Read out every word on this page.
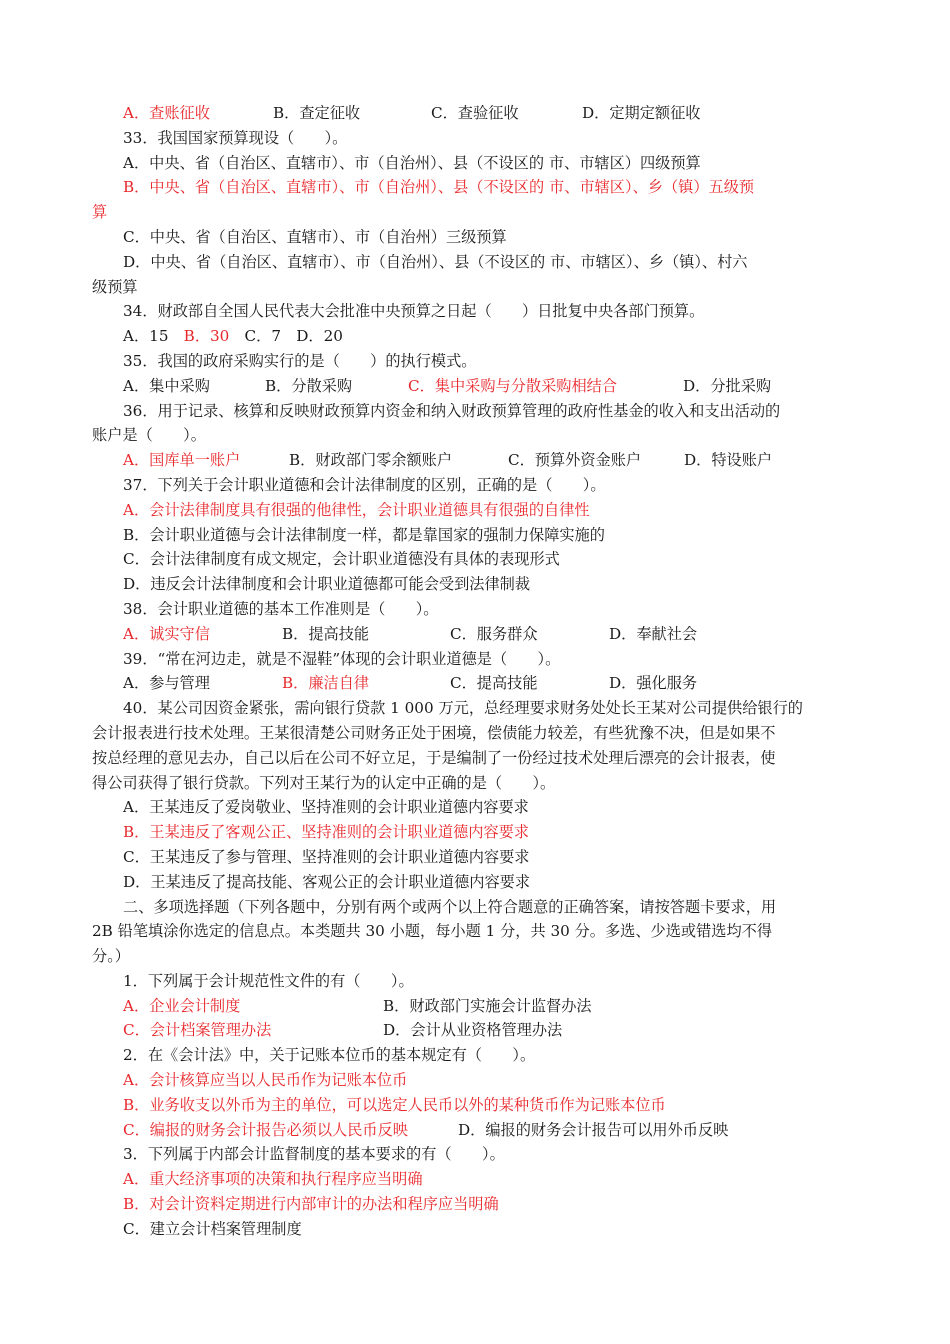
A．查账征收	B．查定征收	C．查验征收	D．定期定额征收
33．我国国家预算现设（　　）。
A．中央、省（自治区、直辖市）、市（自治州）、县（不设区的 市、市辖区）四级预算
B．中央、省（自治区、直辖市）、市（自治州）、县（不设区的 市、市辖区）、乡（镇）五级预
算
C．中央、省（自治区、直辖市）、市（自治州）三级预算
D．中央、省（自治区、直辖市）、市（自治州）、县（不设区的 市、市辖区）、乡（镇）、村六
级预算
34．财政部自全国人民代表大会批准中央预算之日起（　　）日批复中央各部门预算。
A．15　B．30　C．7　D．20
35．我国的政府采购实行的是（　　）的执行模式。
A．集中采购	B．分散采购	C．集中采购与分散采购相结合	D．分批采购
36．用于记录、核算和反映财政预算内资金和纳入财政预算管理的政府性基金的收入和支出活动的
账户是（　　）。
A．国库单一账户	B．财政部门零余额账户	C．预算外资金账户	D．特设账户
37．下列关于会计职业道德和会计法律制度的区别，正确的是（　　）。
A．会计法律制度具有很强的他律性，会计职业道德具有很强的自律性
B．会计职业道德与会计法律制度一样，都是靠国家的强制力保障实施的
C．会计法律制度有成文规定，会计职业道德没有具体的表现形式
D．违反会计法律制度和会计职业道德都可能会受到法律制裁
38．会计职业道德的基本工作准则是（　　）。
A．诚实守信	B．提高技能	C．服务群众	D．奉献社会
39．“常在河边走，就是不湿鞋”体现的会计职业道德是（　　）。
A．参与管理	B．廉洁自律	C．提高技能	D．强化服务
40．某公司因资金紧张，需向银行贷款 1 000 万元，总经理要求财务处处长王某对公司提供给银行的
会计报表进行技术处理。王某很清楚公司财务正处于困境，偿债能力较差，有些犹豫不决，但是如果不
按总经理的意见去办，自己以后在公司不好立足，于是编制了一份经过技术处理后漂亮的会计报表，使
得公司获得了银行贷款。下列对王某行为的认定中正确的是（　　）。
A．王某违反了爱岗敬业、坚持准则的会计职业道德内容要求
B．王某违反了客观公正、坚持准则的会计职业道德内容要求
C．王某违反了参与管理、坚持准则的会计职业道德内容要求
D．王某违反了提高技能、客观公正的会计职业道德内容要求
二、多项选择题（下列各题中，分别有两个或两个以上符合题意的正确答案，请按答题卡要求，用
2B 铅笔填涂你选定的信息点。本类题共 30 小题，每小题 1 分，共 30 分。多选、少选或错选均不得
分。）
1．下列属于会计规范性文件的有（　　）。
A．企业会计制度	B．财政部门实施会计监督办法
C．会计档案管理办法	D．会计从业资格管理办法
2．在《会计法》中，关于记账本位币的基本规定有（　　）。
A．会计核算应当以人民币作为记账本位币
B．业务收支以外币为主的单位，可以选定人民币以外的某种货币作为记账本位币
C．编报的财务会计报告必须以人民币反映	D．编报的财务会计报告可以用外币反映
3．下列属于内部会计监督制度的基本要求的有（　　）。
A．重大经济事项的决策和执行程序应当明确
B．对会计资料定期进行内部审计的办法和程序应当明确
C．建立会计档案管理制度
